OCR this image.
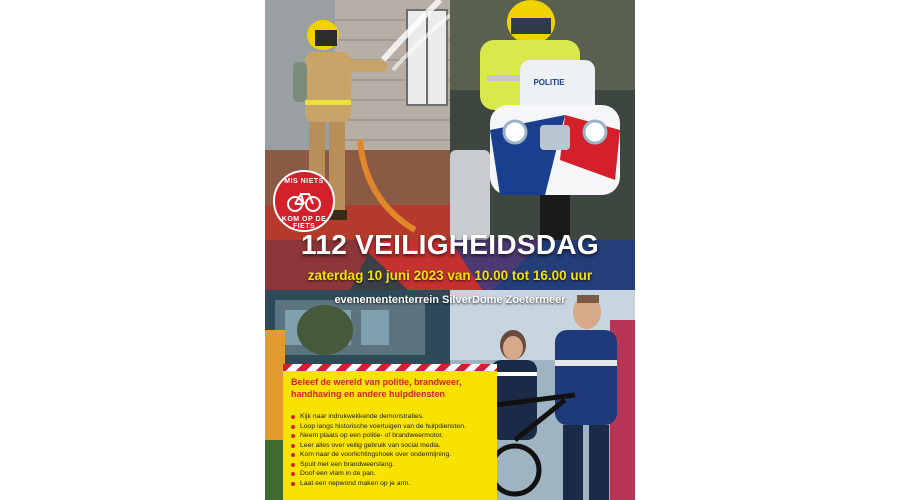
POLITIE
MIS NIETS
KOM OP DE FIETS
112 VEILIGHEIDSDAG
zaterdag 10 juni 2023 van 10.00 tot 16.00 uur
evenemententerrein SilverDome Zoetermeer
Beleef de wereld van politie, brandweer, handhaving en andere hulpdiensten
Kijk naar indrukwekkende demonstraties.
Loop langs historische voertuigen van de hulpdiensten.
Neem plaats op een politie- of brandweermotor.
Leer alles over veilig gebruik van social media.
Kom naar de voorlichtingshoek over ondermijning.
Spuit met een brandweerslang.
Doof een vlam in de pan.
Laat een nepwond maken op je arm.
